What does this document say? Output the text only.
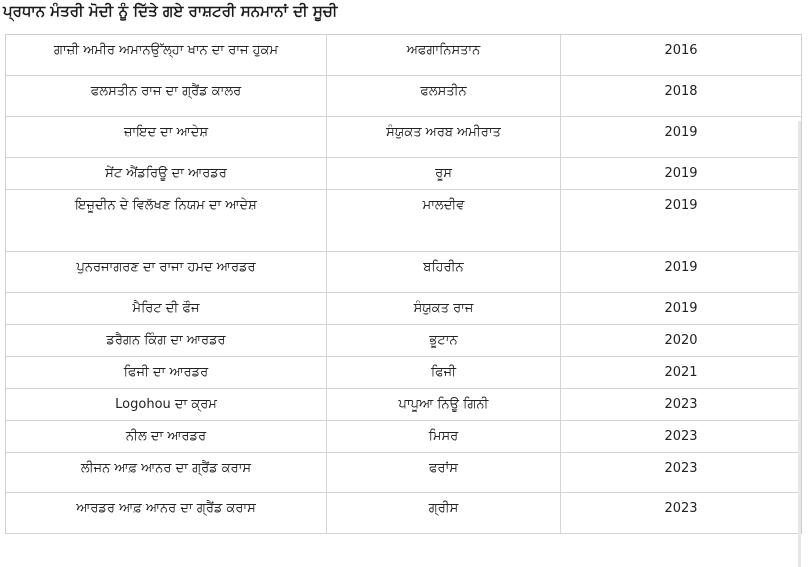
ਪ੍ਰਧਾਨ ਮੰਤਰੀ ਮੋਦੀ ਨੂੰ ਦਿੱਤੇ ਗਏ ਰਾਸ਼ਟਰੀ ਸਨਮਾਨਾਂ ਦੀ ਸੂਚੀ
ਗਾਜ਼ੀ ਅਮੀਰ ਅਮਾਨਉੱਲ੍ਹਾ ਖਾਨ ਦਾ ਰਾਜ ਹੁਕਮ	ਅਫਗਾਨਿਸਤਾਨ	2016

ਫਲਸਤੀਨ ਰਾਜ ਦਾ ਗ੍ਰੈਂਡ ਕਾਲਰ	ਫਲਸਤੀਨ	2018

ਜ਼ਾਇਦ ਦਾ ਆਦੇਸ਼	ਸੰਯੁਕਤ ਅਰਬ ਅਮੀਰਾਤ	2019

ਸੇਂਟ ਐਂਡਰਿਊ ਦਾ ਆਰਡਰ	ਰੂਸ	2019

ਇਜ਼ੂਦੀਨ ਦੇ ਵਿਲੱਖਣ ਨਿਯਮ ਦਾ ਆਦੇਸ਼	ਮਾਲਦੀਵ	2019

ਪੁਨਰਜਾਗਰਣ ਦਾ ਰਾਜਾ ਹਮਦ ਆਰਡਰ	ਬਹਿਰੀਨ	2019

ਮੈਰਿਟ ਦੀ ਫੌਜ	ਸੰਯੁਕਤ ਰਾਜ	2019

ਡਰੈਗਨ ਕਿੰਗ ਦਾ ਆਰਡਰ	ਭੂਟਾਨ	2020

ਫਿਜੀ ਦਾ ਆਰਡਰ	ਫਿਜੀ	2021

Logohou ਦਾ ਕ੍ਰਮ	ਪਾਪੂਆ ਨਿਊ ਗਿਨੀ	2023

ਨੀਲ ਦਾ ਆਰਡਰ	ਮਿਸਰ	2023

ਲੀਜਨ ਆਫ਼ ਆਨਰ ਦਾ ਗ੍ਰੈਂਡ ਕਰਾਸ	ਫਰਾਂਸ	2023

ਆਰਡਰ ਆਫ਼ ਆਨਰ ਦਾ ਗ੍ਰੈਂਡ ਕਰਾਸ	ਗ੍ਰੀਸ	2023
